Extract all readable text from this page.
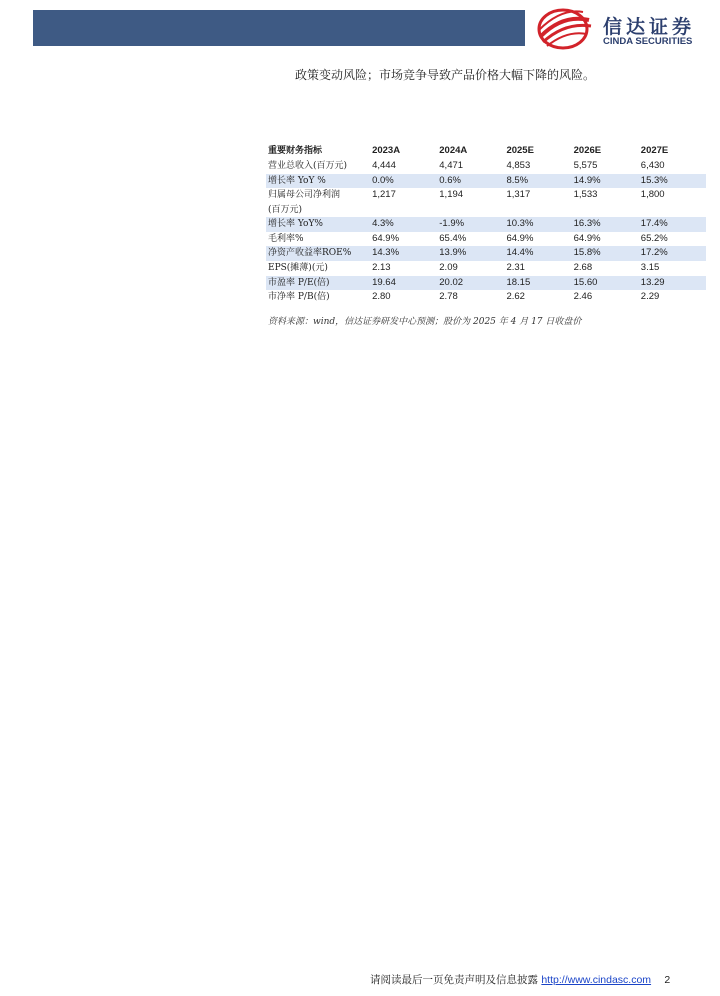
信达证券
CINDA SECURITIES
政策变动风险；市场竞争导致产品价格大幅下降的风险。
重要财务指标	2023A	2024A	2025E	2026E	2027E
营业总收入(百万元)	4,444	4,471	4,853	5,575	6,430
增长率 YoY %	0.0%	0.6%	8.5%	14.9%	15.3%

归属母公司净利润
(百万元)	1,217	1,194	1,317	1,533	1,800
增长率 YoY%	4.3%	-1.9%	10.3%	16.3%	17.4%
毛利率%	64.9%	65.4%	64.9%	64.9%	65.2%
净资产收益率ROE%	14.3%	13.9%	14.4%	15.8%	17.2%
EPS(摊薄)(元)	2.13	2.09	2.31	2.68	3.15
市盈率 P/E(倍)	19.64	20.02	18.15	15.60	13.29
市净率 P/B(倍)	2.80	2.78	2.62	2.46	2.29
资料来源：wind，信达证券研发中心预测；股价为 2025 年 4 月 17 日收盘价
请阅读最后一页免责声明及信息披露 http://www.cindasc.com 2
